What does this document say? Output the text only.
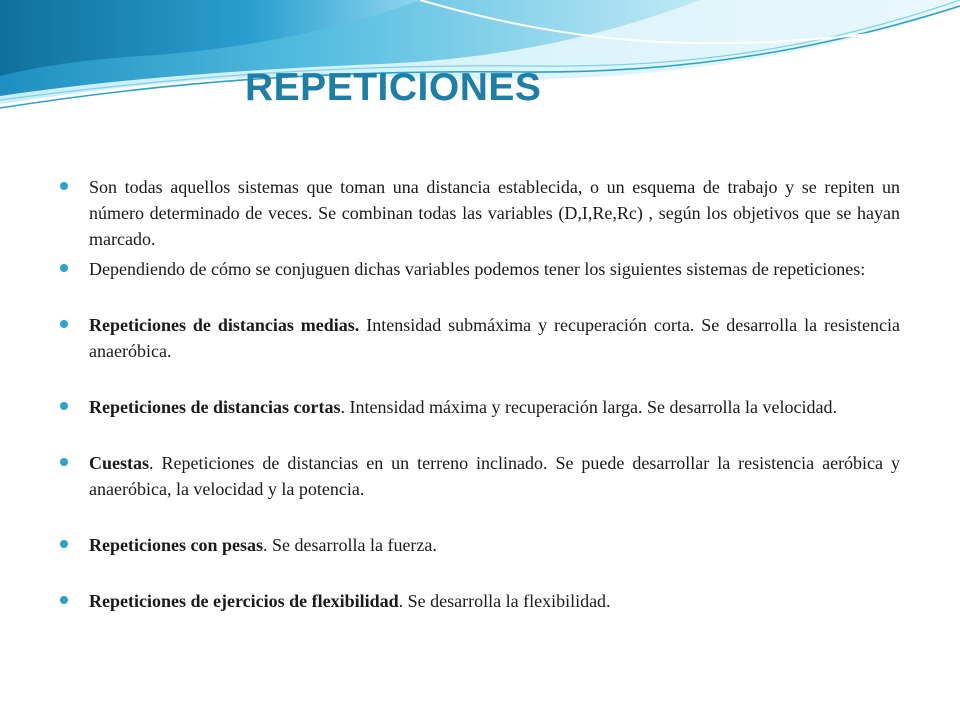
REPETICIONES
Son todas aquellos sistemas que toman una distancia establecida, o un esquema de trabajo y se repiten un número determinado de veces. Se combinan todas las variables (D,I,Re,Rc) , según los objetivos que se hayan marcado.
Dependiendo de cómo se conjuguen dichas variables podemos tener los siguientes sistemas de repeticiones:
Repeticiones de distancias medias. Intensidad submáxima y recuperación corta. Se desarrolla la resistencia anaeróbica.
Repeticiones de distancias cortas. Intensidad máxima y recuperación larga. Se desarrolla la velocidad.
Cuestas. Repeticiones de distancias en un terreno inclinado. Se puede desarrollar la resistencia aeróbica y anaeróbica, la velocidad y la potencia.
Repeticiones con pesas. Se desarrolla la fuerza.
Repeticiones de ejercicios de flexibilidad. Se desarrolla la flexibilidad.
